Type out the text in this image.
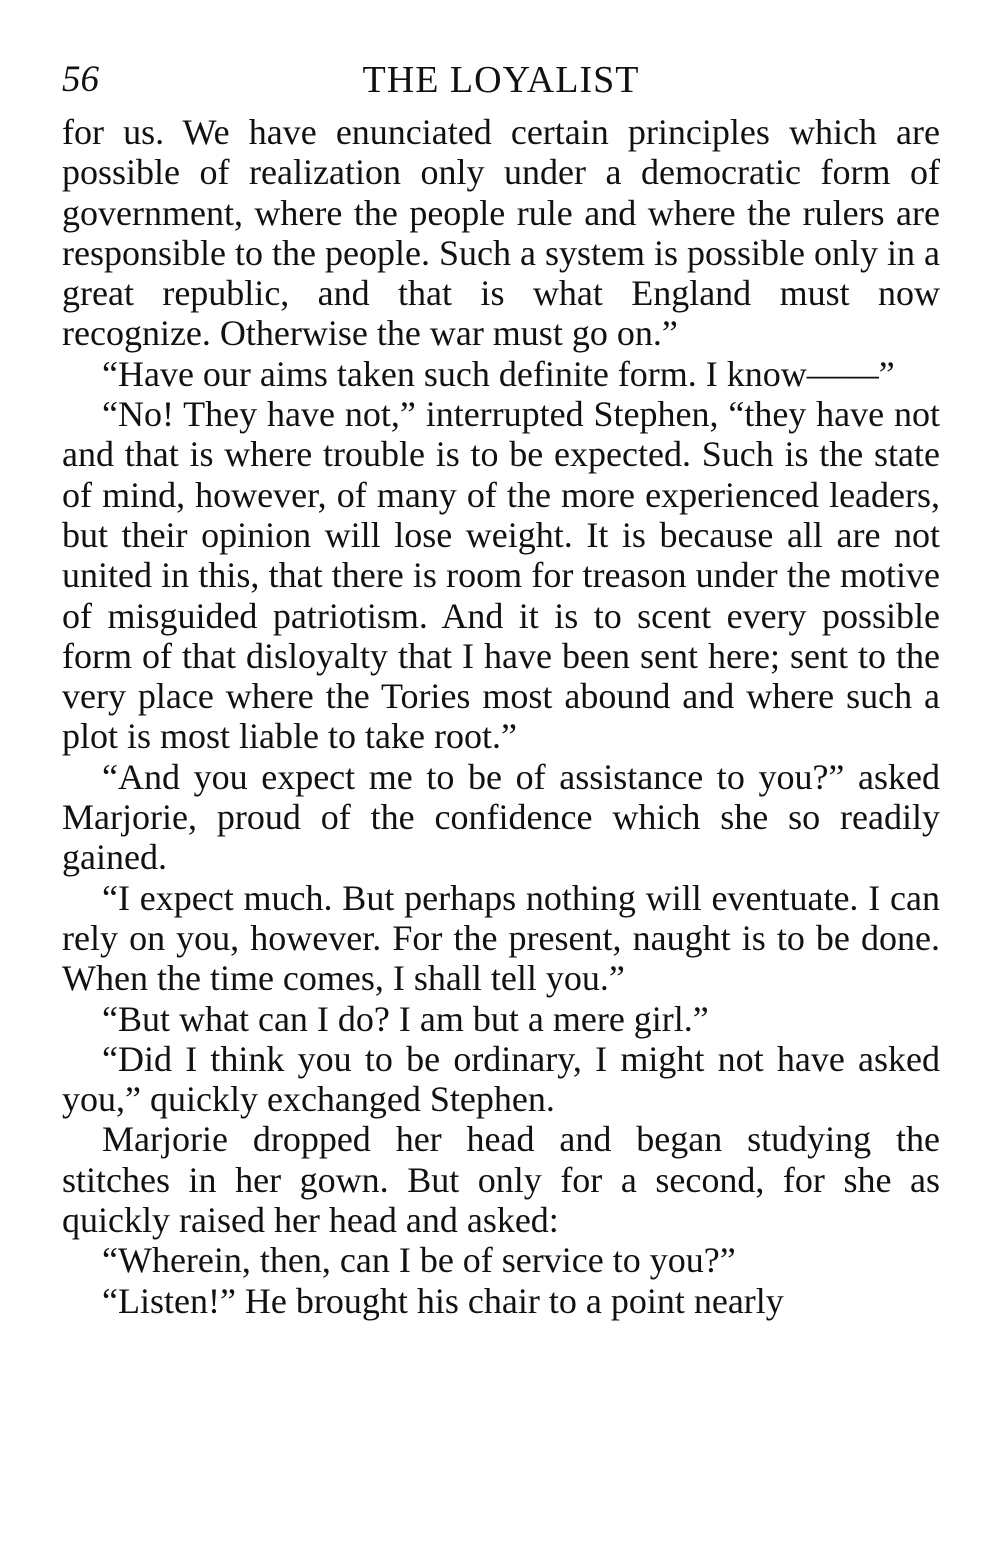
56	THE LOYALIST

for us. We have enunciated certain principles which are possible of realization only under a democratic form of government, where the people rule and where the rulers are responsible to the people. Such a system is possible only in a great republic, and that is what England must now recognize. Otherwise the war must go on.”

“Have our aims taken such definite form. I know——”

“No! They have not,” interrupted Stephen, “they have not and that is where trouble is to be expected. Such is the state of mind, however, of many of the more experienced leaders, but their opinion will lose weight. It is because all are not united in this, that there is room for treason under the motive of misguided patriotism. And it is to scent every possible form of that disloyalty that I have been sent here; sent to the very place where the Tories most abound and where such a plot is most liable to take root.”

“And you expect me to be of assistance to you?” asked Marjorie, proud of the confidence which she so readily gained.

“I expect much. But perhaps nothing will eventuate. I can rely on you, however. For the present, naught is to be done. When the time comes, I shall tell you.”

“But what can I do? I am but a mere girl.”

“Did I think you to be ordinary, I might not have asked you,” quickly exchanged Stephen.

Marjorie dropped her head and began studying the stitches in her gown. But only for a second, for she as quickly raised her head and asked:

“Wherein, then, can I be of service to you?”

“Listen!” He brought his chair to a point nearly
